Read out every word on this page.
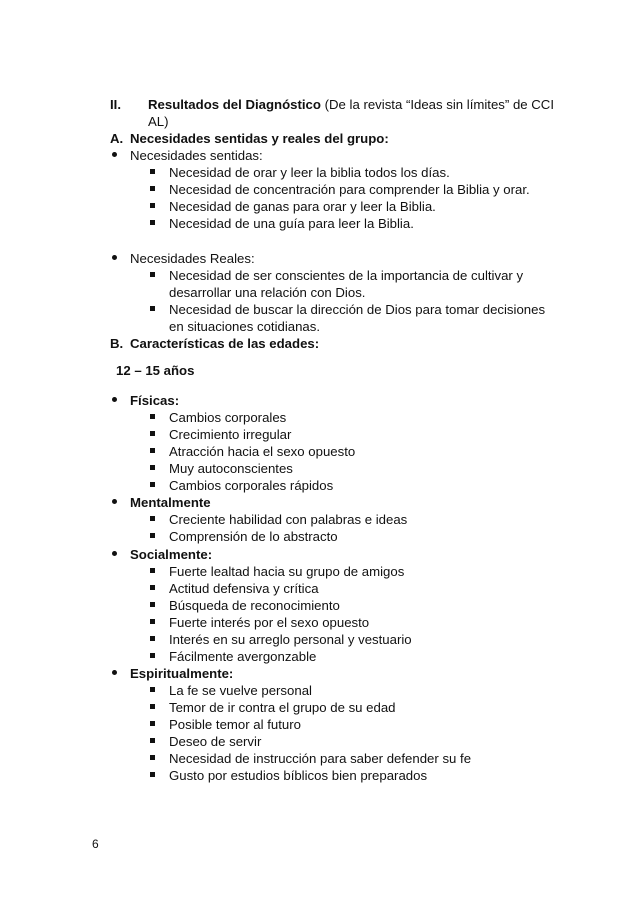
II. Resultados del Diagnóstico (De la revista “Ideas sin límites” de CCI
AL)
A. Necesidades sentidas y reales del grupo:
Necesidades sentidas:
Necesidad de orar y leer la biblia todos los días.
Necesidad de concentración para comprender la Biblia y orar.
Necesidad de ganas para orar y leer la Biblia.
Necesidad de una guía para leer la Biblia.
Necesidades Reales:
Necesidad de ser conscientes de la importancia de cultivar y
desarrollar una relación con Dios.
Necesidad de buscar la dirección de Dios para tomar decisiones
en situaciones cotidianas.
B. Características de las edades:
12 – 15 años
Físicas:
Cambios corporales
Crecimiento irregular
Atracción hacia el sexo opuesto
Muy autoconscientes
Cambios corporales rápidos
Mentalmente
Creciente habilidad con palabras e ideas
Comprensión de lo abstracto
Socialmente:
Fuerte lealtad hacia su grupo de amigos
Actitud defensiva y crítica
Búsqueda de reconocimiento
Fuerte interés por el sexo opuesto
Interés en su arreglo personal y vestuario
Fácilmente avergonzable
Espiritualmente:
La fe se vuelve personal
Temor de ir contra el grupo de su edad
Posible temor al futuro
Deseo de servir
Necesidad de instrucción para saber defender su fe
Gusto por estudios bíblicos bien preparados
6
